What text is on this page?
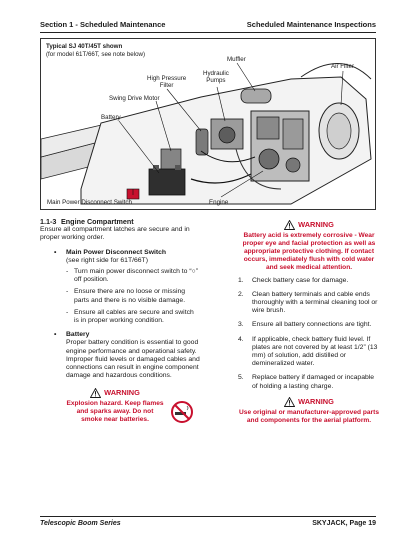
Section 1 - Scheduled Maintenance	Scheduled Maintenance Inspections
Typical SJ 40T/45T shown
(for model 61T/66T, see note below)
Muffler
Air Filter
High Pressure
Filter
Hydraulic
Pumps
Swing Drive Motor
Battery
Main Power Disconnect Switch	Engine
1.1-3 Engine Compartment
Ensure all compartment latches are secure and in proper working order.
• Main Power Disconnect Switch
(see right side for 61T/66T)
- Turn main power disconnect switch to “○” off position.
- Ensure there are no loose or missing parts and there is no visible damage.
- Ensure all cables are secure and switch is in proper working condition.
• Battery
Proper battery condition is essential to good engine performance and operational safety. Improper fluid levels or damaged cables and connections can result in engine component damage and hazardous conditions.
WARNING
Explosion hazard. Keep flames and sparks away. Do not smoke near batteries.
WARNING
Battery acid is extremely corrosive - Wear proper eye and facial protection as well as appropriate protective clothing. If contact occurs, immediately flush with cold water and seek medical attention.
1. Check battery case for damage.
2. Clean battery terminals and cable ends thoroughly with a terminal cleaning tool or wire brush.
3. Ensure all battery connections are tight.
4. If applicable, check battery fluid level. If plates are not covered by at least 1/2” (13 mm) of solution, add distilled or demineralized water.
5. Replace battery if damaged or incapable of holding a lasting charge.
WARNING
Use original or manufacturer-approved parts and components for the aerial platform.
Telescopic Boom Series	SKYJACK, Page 19
